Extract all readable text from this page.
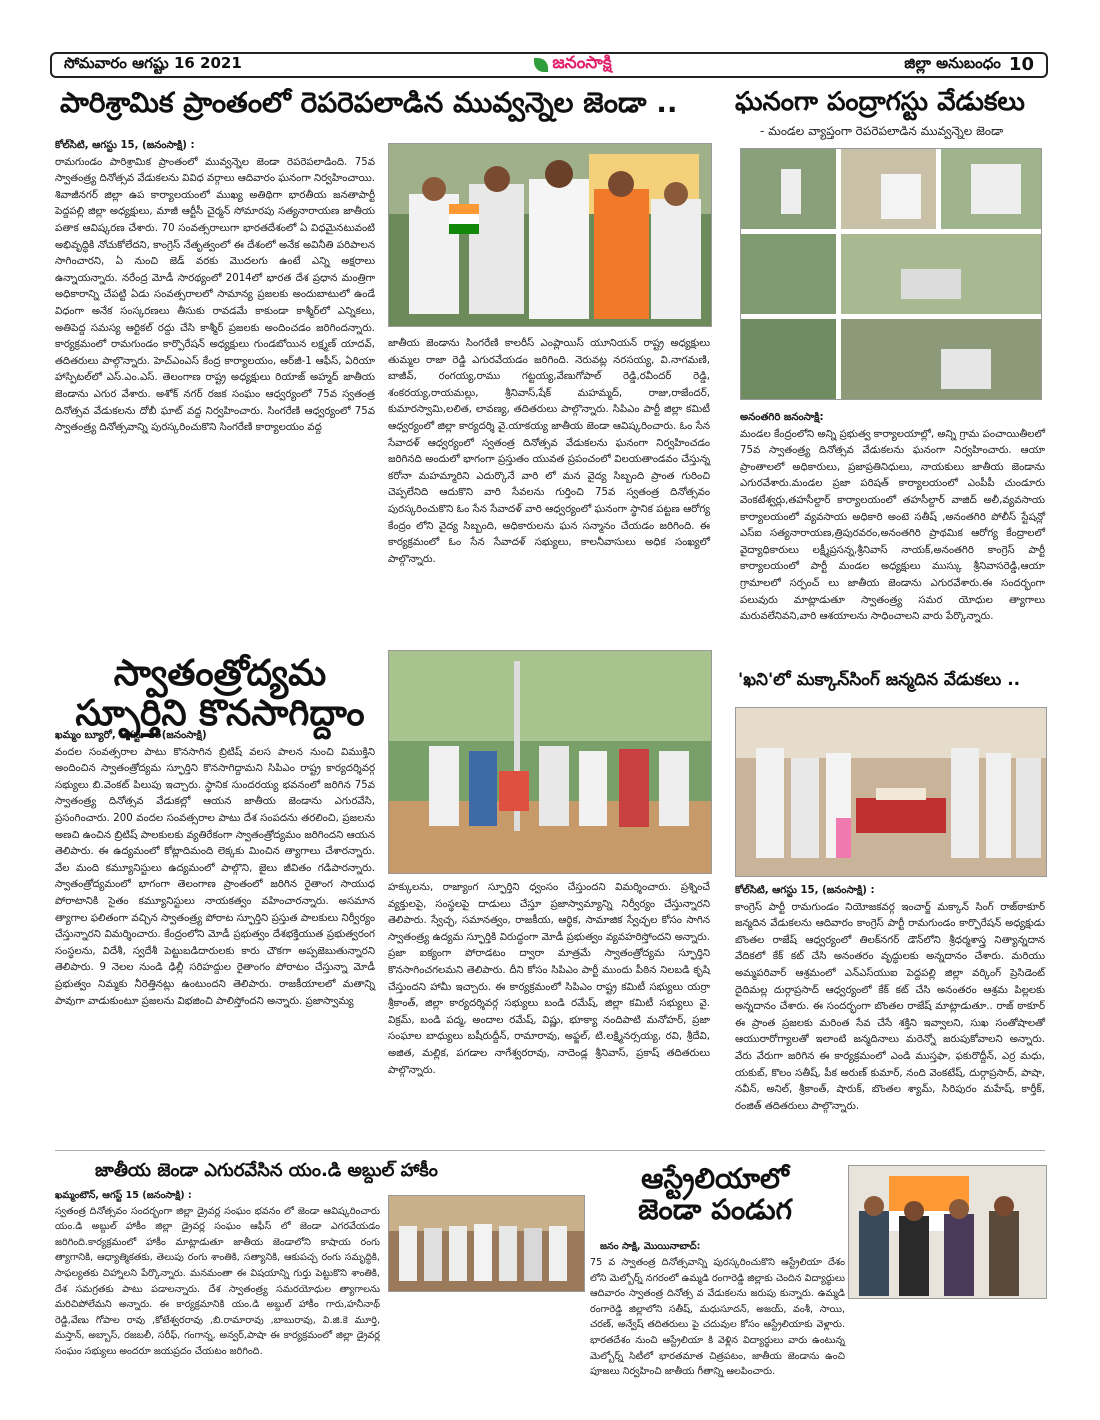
సోమవారం ఆగష్టు 16 2021	జనంసాక్షి	జిల్లా అనుబంధం 10
పారిశ్రామిక ప్రాంతంలో రెపరెపలాడిన మువ్వన్నెల జెండా ..

కోల్‌సిటి, ఆగస్టు 15, (జనంసాక్షి) :

రామగుండం పారిశ్రామిక ప్రాంతంలో మువ్వన్నెల జెండా రెపరెపలాడింది. 75వ స్వాతంత్ర్య దినోత్సవ వేడుకలను వివిధ వర్గాలు ఆదివారం ఘనంగా నిర్వహించాయి. శివాజీనగర్ జిల్లా ఉప కార్యాలయంలో ముఖ్య అతిథిగా భారతీయ జనతాపార్టీ పెద్దపల్లి జిల్లా అధ్యక్షులు, మాజీ ఆర్టీసీ చైర్మన్ సోమారపు సత్యనారాయణ జాతీయ పతాక ఆవిష్కరణ చేశారు. 70 సంవత్సరాలుగా భారతదేశంలో ఏ విధమైనటువంటి అభివృద్ధికి నోచుకోలేదని, కాంగ్రెస్ నేతృత్వంలో ఈ దేశంలో అనేక అవినీతి పరిపాలన సాగించారని, ఏ నుంచి జెడ్ వరకు మొదలగు ఉంటే ఎన్ని అక్షరాలు ఉన్నాయన్నారు. నరేంద్ర మోడీ సారథ్యంలో 2014లో భారత దేశ ప్రధాన మంత్రిగా అధికారాన్ని చేపట్టి ఏడు సంవత్సరాలలో సామాన్య ప్రజలకు అందుబాటులో ఉండే విధంగా అనేక సంస్కరణలు తీసుకు రావడమే కాకుండా కాశ్మీర్‌లో ఎన్నికలు, అతిపెద్ద సమస్య ఆర్టికల్ రద్దు చేసి కాశ్మీర్ ప్రజలకు అందించడం జరిగిందన్నారు. కార్యక్రమంలో రామగుండం కార్పొరేషన్ అధ్యక్షులు గుండబోయిన లక్ష్మణ్ యాదవ్, తదితరులు పాల్గొన్నారు. హెచ్‌ఎంఎస్ కేంద్ర కార్యాలయం, ఆర్‌జీ-1 ఆఫీస్, ఏరియా హాస్పిటల్‌లో ఎస్.ఎం.ఎస్. తెలంగాణ రాష్ట్ర అధ్యక్షులు రియాజ్ అహ్మద్ జాతీయ జెండాను ఎగుర వేశారు. అశోక్ నగర్ రజక సంఘం ఆధ్వర్యంలో 75వ స్వతంత్ర దినోత్సవ వేడుకలను దోబీ ఘాట్ వద్ద నిర్వహించారు. సింగరేణి ఆధ్వర్యంలో 75వ స్వాతంత్ర్య దినోత్సవాన్ని పురస్కరించుకొని సింగరేణి కార్యాలయం వద్ద

జాతీయ జెండాను సింగరేణి కాలరీస్ ఎంప్లాయిస్ యూనియన్ రాష్ట్ర అధ్యక్షులు తుమ్మల రాజా రెడ్డి ఎగురవేయడం జరిగింది. నెరువట్ల నరసయ్య, వి.నాగమణి, బాజీవ్, రంగయ్య,రాము గట్టయ్య,వేణుగోపాల్ రెడ్డి,రవీందర్ రెడ్డి, శంకరయ్య,రాయమల్లు, శ్రీనివాస్,షేక్ మహమ్మద్, రాజు,రాజేందర్, కుమారస్వామి,లలిత, లావణ్య, తదితరులు పాల్గొన్నారు. సిపిఎం పార్టీ జిల్లా కమిటీ ఆధ్వర్యంలో జిల్లా కార్యదర్శి వై.యాకయ్య జాతీయ జెండా ఆవిష్కరించారు. ఓం సేన సేవాదళ్ ఆధ్వర్యంలో స్వతంత్ర దినోత్సవ వేడుకలను ఘనంగా నిర్వహించడం జరిగినది అందులో భాగంగా ప్రస్తుతం యువత ప్రపంచంలో విలయతాండవం చేస్తున్న కరోనా మహమ్మారిని ఎదుర్కొనే వారి లో మన వైద్య సిబ్బంది ప్రాంత గురించి చెప్పలేనిది ఆదుకొని వారి సేవలను గుర్తించి 75వ స్వతంత్ర దినోత్సవం పురస్కరించుకొని ఓం సేన సేవాదళ్ వారి ఆధ్వర్యంలో ఘనంగా స్థానిక పట్టణ ఆరోగ్య కేంద్రం లోని వైద్య సిబ్బంది, అధికారులను ఘన సన్మానం చేయడం జరిగింది. ఈ కార్యక్రమంలో ఓం సేన సేవాదళ్ సభ్యులు, కాలనీవాసులు అధిక సంఖ్యలో పాల్గొన్నారు.

ఘనంగా పంద్రాగస్టు వేడుకలు
- మండల వ్యాప్తంగా రెపరెపలాడిన మువ్వన్నెల జెండా

అనంతగిరి జనంసాక్షి:

మండల కేంద్రంలోని అన్ని ప్రభుత్వ కార్యాలయాల్లో, అన్ని గ్రామ పంచాయితీలలో 75వ స్వాతంత్ర్య దినోత్సవ వేడుకలను ఘనంగా నిర్వహించారు. ఆయా ప్రాంతాలలో అధికారులు, ప్రజాప్రతినిధులు, నాయకులు జాతీయ జెండాను ఎగురవేశారు.మండల ప్రజా పరిషత్ కార్యాలయంలో ఎంపీపీ చుండూరు వెంకటేశ్వర్లు,తహసీల్దార్ కార్యాలయంలో తహసీల్దార్ వాజిద్ అలీ,వ్యవసాయ కార్యాలయంలో వ్యవసాయ అధికారి అంటె సతీష్ ,అనంతగిరి పోలీస్ స్టేషన్లో ఎస్ఐ సత్యనారాయణ,త్రిపురవరం,అనంతగిరి ప్రాథమిక ఆరోగ్య కేంద్రాలలో వైద్యాధికారులు లక్ష్మీప్రసన్న,శ్రీనివాస్ నాయక్,అనంతగిరి కాంగ్రెస్ పార్టీ కార్యాలయంలో పార్టీ మండల అధ్యక్షులు ముస్కు శ్రీనివాసరెడ్డి,ఆయా గ్రామాలలో సర్పంచ్ లు జాతీయ జెండాను ఎగురవేశారు.ఈ సందర్భంగా పలువురు మాట్లాడుతూ స్వాతంత్ర్య సమర యోధుల త్యాగాలు మరువలేనివని,వారి ఆశయాలను సాధించాలని వారు పేర్కొన్నారు.

స్వాతంత్రోద్యమ
స్ఫూర్తిని కొనసాగిద్దాం

ఖమ్మం బ్యూరో, ఆగస్టు 15(జనంసాక్షి)

వందల సంవత్సరాల పాటు కొనసాగిన బ్రిటిష్ వలస పాలన నుంచి విముక్తిని అందించిన స్వాతంత్రోద్యమ స్ఫూర్తిని కొనసాగిద్దామని సిపిఎం రాష్ట్ర కార్యదర్శివర్గ సభ్యులు బి.వెంకట్ పిలుపు ఇచ్చారు. స్థానిక సుందరయ్య భవనంలో జరిగిన 75వ స్వాతంత్ర్య దినోత్సవ వేడుకల్లో ఆయన జాతీయ జెండాను ఎగురవేసి, ప్రసంగించారు. 200 వందల సంవత్సరాల పాటు దేశ సంపదను తరలించి, ప్రజలను అణచి ఉంచిన బ్రిటిష్ పాలకులకు వ్యతిరేకంగా స్వాతంత్రోద్యమం జరిగిందని ఆయన తెలిపారు. ఈ ఉద్యమంలో కోట్లాదిమంది లెక్కకు మించిన త్యాగాలు చేశారన్నారు. వేల మంది కమ్యూనిస్టులు ఉద్యమంలో పాల్గొని, జైలు జీవితం గడిపారన్నారు. స్వాతంత్రోద్యమంలో భాగంగా తెలంగాణ ప్రాంతంలో జరిగిన రైతాంగ సాయుధ పోరాటానికి సైతం కమ్యూనిస్టులు నాయకత్వం వహించారన్నారు. అసమాన త్యాగాల ఫలితంగా వచ్చిన స్వాతంత్ర్య పోరాట స్ఫూర్తిని ప్రస్తుత పాలకులు నిర్వీర్యం చేస్తున్నారని విమర్శించారు. కేంద్రంలోని మోడీ ప్రభుత్వం దేశభక్తియుత ప్రభుత్వరంగ సంస్థలను, విదేశీ, స్వదేశీ పెట్టుబడిదారులకు కారు చౌకగా అప్పజెబుతున్నారని తెలిపారు. 9 నెలల నుండి ఢిల్లీ సరిహద్దుల రైతాంగం పోరాటం చేస్తున్నా మోడీ ప్రభుత్వం నిమ్మకు నీరెత్తినట్లు ఉంటుందని తెలిపారు. రాజకీయాలలో మతాన్ని పావుగా వాడుకుంటూ ప్రజలను విభజించి పాలిస్తోందని అన్నారు. ప్రజాస్వామ్య

హక్కులను, రాజ్యాంగ స్ఫూర్తిని ధ్వంసం చేస్తుందని విమర్శించారు. ప్రశ్నించే వ్యక్తులపై, సంస్థలపై దాడులు చేస్తూ ప్రజాస్వామ్యాన్ని నిర్వీర్యం చేస్తున్నారని తెలిపారు. స్వేచ్ఛ, సమానత్వం, రాజకీయ, ఆర్థిక, సామాజిక స్వేచ్ఛల కోసం సాగిన స్వాతంత్ర్య ఉద్యమ స్ఫూర్తికి విరుద్ధంగా మోడీ ప్రభుత్వం వ్యవహరిస్తోందని అన్నారు. ప్రజా ఐక్యంగా పోరాడటం ద్వారా మాత్రమే స్వాతంత్రోద్యమ స్ఫూర్తిని కొనసాగించగలమని తెలిపారు. దీని కోసం సిపిఎం పార్టీ ముందు పీఠిన నిలబడి కృషి చేస్తుందని హామీ ఇచ్చారు. ఈ కార్యక్రమంలో సిపిఎం రాష్ట్ర కమిటీ సభ్యులు యర్రా శ్రీకాంత్, జిల్లా కార్యదర్శివర్గ సభ్యులు బండి రమేష్, జిల్లా కమిటీ సభ్యులు వై. విక్రమ్, బండి పద్మ, అందాల రమేష్, విష్ణు, భూక్యా నందిపాటి మనోహర్, ప్రజా సంఘాల బాధ్యులు బషీరుద్దీన్, రామారావు, అఫ్జల్, టి.లక్ష్మినర్సయ్య, రవి, శ్రీదేవి, అజిత, మల్లిక, పగడాల నాగేశ్వరరావు, నాదెండ్ల శ్రీనివాస్, ప్రకాష్ తదితరులు పాల్గొన్నారు.

'ఖని'లో మక్కాన్‌సింగ్ జన్మదిన వేడుకలు ..

కోల్‌సిటి, ఆగస్టు 15, (జనంసాక్షి) :

కాంగ్రెస్ పార్టీ రామగుండం నియోజకవర్గ ఇంచార్జ్ మక్కాన్ సింగ్ రాజ్‌ఠాకూర్ జన్మదిన వేడుకలను ఆదివారం కాంగ్రెస్ పార్టీ రామగుండం కార్పొరేషన్ అధ్యక్షుడు బొంతల రాజేష్ ఆధ్వర్యంలో తిలక్‌నగర్ డౌన్‌లోని శ్రీధర్మశాస్త్ర నిత్యాన్నదాన వేదికలో కేక్ కట్ చేసి అనంతరం వృద్ధులకు అన్నదానం చేశారు. మరియు అమ్మపరివార్ ఆశ్రమంలో ఎన్ఎస్‌యుఐ పెద్దపల్లి జిల్లా వర్కింగ్ ప్రెసిడెంట్ దైదిమల్ల దుర్గాప్రసాద్ ఆధ్వర్యంలో కేక్ కట్ చేసి అనంతరం ఆశ్రమ పిల్లలకు అన్నదానం చేశారు. ఈ సందర్భంగా బొంతల రాజేష్ మాట్లాడుతూ.. రాజ్ ఠాకూర్ ఈ ప్రాంత ప్రజలకు మరింత సేవ చేసే శక్తిని ఇవ్వాలని, సుఖ సంతోషాలతో ఆయురారోగ్యాలతో ఇలాంటి జన్మదినాలు మరెన్నో జరుపుకోవాలని అన్నారు. వేరు వేరుగా జరిగిన ఈ కార్యక్రమంలో ఎండి ముస్తఫా, ఫకురొద్దీన్, ఎర్ర మధు, యకుబ్, కొలం సతీష్, పీక అరుణ్ కుమార్, నంది వెంకటేష్, దుర్గాప్రసాద్, పాషా, నవీన్, అనిల్, శ్రీకాంత్, షారుక్, బొంతల శ్యామ్, సిరిపురం మహేష్, కార్తీక్, రంజిత్ తదితరులు పాల్గొన్నారు.

జాతీయ జెండా ఎగురవేసిన యం.డి అబ్దుల్ హాకీం

ఖమ్మంటౌన్, ఆగస్ట్ 15 (జనంసాక్షి) :

స్వతంత్ర దినోత్సవం సందర్భంగా జిల్లా డ్రైవర్ల సంఘం భవనం లో జెండా ఆవిష్కరించారు యం.డి అబ్దుల్ హాకీం జిల్లా డ్రైవర్ల సంఘం ఆఫీస్ లో జెండా ఎగరవేయడం జరిగింది.కార్యక్రమంలో హాకీం మాట్లాడుతూ జాతీయ జెండాలోని కాషాయ రంగు త్యాగానికి, ఆధ్యాత్మికతకు, తెలుపు రంగు శాంతికి, సత్యానికి, ఆకుపచ్చ రంగు సమృద్ధికి, సాఫల్యతకు చిహ్నాలని పేర్కొన్నారు. మనమంతా ఈ విషయాన్ని గుర్తు పెట్టుకొని శాంతికి, దేశ సమగ్రతకు పాటు పడాలన్నారు. దేశ స్వాతంత్ర్య సమరయోధుల త్యాగాలను మరిచిపోలేమని అన్నారు. ఈ కార్యక్రమానికి యం.డి అబ్దుల్ హాకీం గారు,హనీనాథ్ రెడ్డి,వేణు గోపాల రావు ,కోటేశ్వరరావు ,బి.రామారావు ,బాబురావు, వి.జి.కె మూర్తి, మస్తాన్, అబ్బాస్, రజబలీ, సరీఫ్, గంగాన్న, అన్వర్,పాషా ఈ కార్యక్రమంలో జిల్లా డ్రైవర్ల సంఘం సభ్యులు అందరూ జయప్రదం చేయటం జరిగింది.

ఆస్ట్రేలియాలో
జెండా పండుగ

జనం సాక్షి, మొయినాబాద్:

75 వ స్వాతంత్ర దినోత్సవాన్ని పురస్కరించుకొని ఆస్ట్రేలియా దేశం లోని మెల్బోర్న్ నగరంలో ఉమ్మడి రంగారెడ్డి జిల్లాకు చెందిన విద్యార్థులు ఆదివారం స్వాతంత్ర దినోత్స వ వేడుకలను జరుపు కున్నారు. ఉమ్మడి రంగారెడ్డి జిల్లాలోని సతీష్, మధుసూదన్, అజయ్, వంశీ, సాయి, చరణ్, అన్వేష్ తదితరులు పై చదువుల కోసం ఆస్ట్రేలియాకు వెళ్లారు. భారతదేశం నుంచి ఆస్ట్రేలియా కి వెళ్లిన విద్యార్థులు వారు ఉంటున్న మెల్బోర్న్ సిటీలో భారతమాత చిత్రపటం, జాతీయ జెండాను ఉంచి పూజలు నిర్వహించి జాతీయ గీతాన్ని ఆలపించారు.
